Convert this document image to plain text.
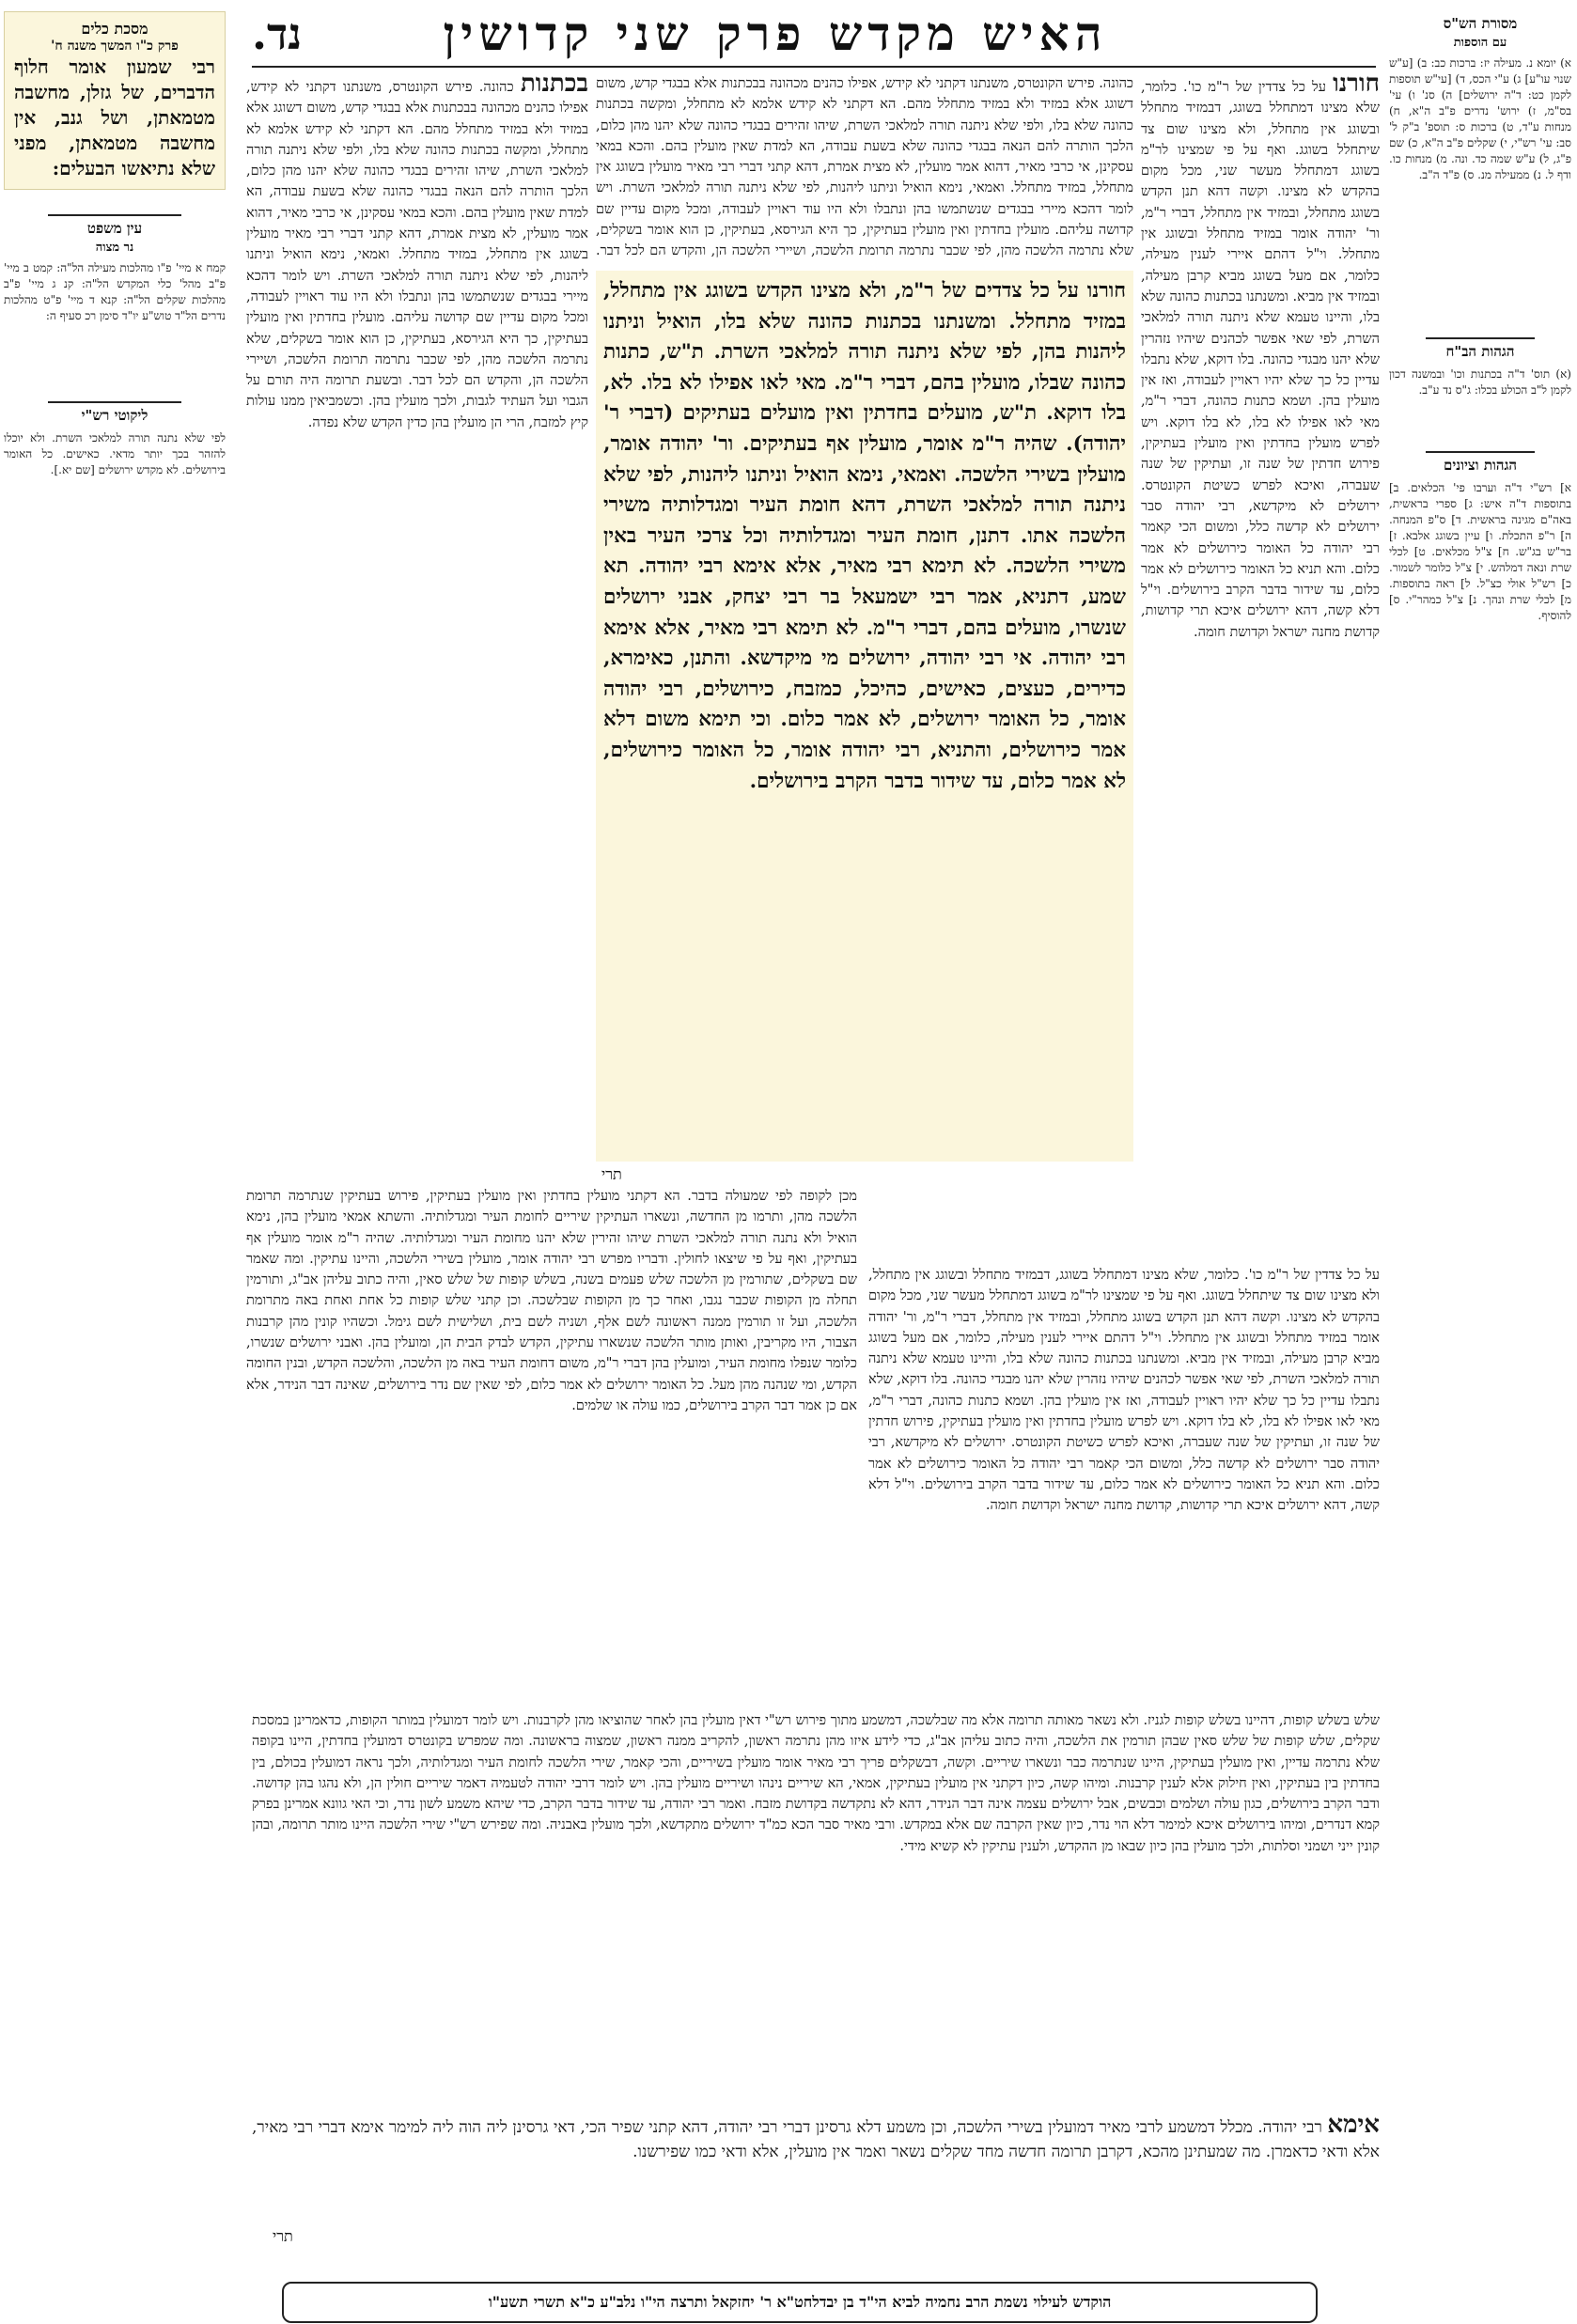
נד.	האיש מקדש פרק שני קדושין	מסורת הש"ס
עם הוספות
א) יומא נ. מעילה יז: ברכות כב: ב) [ע"ש שנוי עו"ע] ג) ע"י הכס, ד) [עי"ש תוספות לקמן כט: ד"ה ירושלים] ה) סנ' ו) עי' בס"מ, ז) ירוש' נדרים פ"ב ה"א, ח) מנחות ע"ד, ט) ברכות ס: תוספ' ב"ק ל' סב: עי' רש"י, י) שקלים פ"ב ה"א, כ) שם פ"ג, ל) ע"ש שמה כד. ונה. מ) מנחות כו. ודף ל. נ) ממעילה מנ. ס) פ"ד ה"ב.
הגהות הב"ח
(א) תוס' ד"ה בכתנות וכו' ובמשנה דכון לקמן ל"ב הכולע בכלו: ג"ס נד ע"ב.
הגהות וציונים
א] רש"י ד"ה וערבו פי' הכלאים. ב] בתוספות ד"ה איש: ג] ספרי בראשית, באה"ם מגינה בראשית. ד] ס"פ המנחה. ה] ר"פ התכלת. ו] עיין בשוגג אלבא. ז] בר"ש בג"ש. ח] צ"ל מכלאים. ט] לכלי שרת ונאה דמלהש. י] צ"ל כלומר לשמור. כ] רש"ל אולי כצ"ל. ל] ראה בתוספות. מ] לכלי שרת ונהך. נ] צ"ל כמהר"י. ס] להוסיף.
מסכת כלים
פרק כ"ו המשך משנה ח'
רבי שמעון אומר חלוף הדברים, של גזלן, מחשבה מטמאתן, ושל גנב, אין מחשבה מטמאתן, מפני שלא נתיאשו הבעלים:
עין משפט
נר מצוה
קמח א מיי' פ"ו מהלכות מעילה הל"ה: קמט ב מיי' פ"ב מהל' כלי המקדש הל"ה: קנ ג מיי' פ"ב מהלכות שקלים הל"ה: קנא ד מיי' פ"ט מהלכות נדרים הל"ד טוש"ע יו"ד סימן רכ סעיף ה:
ליקוטי רש"י
לפי שלא נתנה תורה למלאכי השרת. ולא יוכלו להזהר בכך יותר מדאי. כאישים. כל האומר בירושלים. לא מקדש ירושלים [שם יא.].
בכתנות כהונה. פירש הקונטרס, משנתנו דקתני לא קידש, אפילו כהנים מכהונה בבכתנות אלא בבגדי קדש, משום דשוגג אלא במזיד ולא במזיד מתחלל מהם. הא דקתני לא קידש אלמא לא מתחלל, ומקשה בכתנות כהונה שלא בלו, ולפי שלא ניתנה תורה למלאכי השרת, שיהו זהירים בבגדי כהונה שלא יהנו מהן כלום, הלכך הותרה להם הנאה בבגדי כהונה שלא בשעת עבודה, הא למדת שאין מועלין בהם. והכא במאי עסקינן, אי כרבי מאיר, דהוא אמר מועלין, לא מצית אמרת, דהא קתני דברי רבי מאיר מועלין בשוגג אין מתחלל, במזיד מתחלל. ואמאי, נימא הואיל וניתנו ליהנות, לפי שלא ניתנה תורה למלאכי השרת. ויש לומר דהכא מיירי בבגדים שנשתמשו בהן ונתבלו ולא היו עוד ראויין לעבודה, ומכל מקום עדיין שם קדושה עליהם. מועלין בחדתין ואין מועלין בעתיקין, כך היא הגירסא, בעתיקין, כן הוא אומר בשקלים, שלא נתרמה הלשכה מהן, לפי שכבר נתרמה תרומת הלשכה, ושיירי הלשכה הן, והקדש הם לכל דבר. ובשעת תרומה היה תורם על הגבוי ועל העתיד לגבות, ולכך מועלין בהן. וכשמביאין ממנו עולות קיץ למזבח, הרי הן מועלין בהן כדין הקדש שלא נפדה.
חורנו על כל צדדין של ר"מ כו'. כלומר, שלא מצינו דמתחלל בשוגג, דבמזיד מתחלל ובשוגג אין מתחלל, ולא מצינו שום צד שיתחלל בשוגג. ואף על פי שמצינו לר"מ בשוגג דמתחלל מעשר שני, מכל מקום בהקדש לא מצינו. וקשה דהא תנן הקדש בשוגג מתחלל, ובמזיד אין מתחלל, דברי ר"מ, ור' יהודה אומר במזיד מתחלל ובשוגג אין מתחלל. וי"ל דהתם איירי לענין מעילה, כלומר, אם מעל בשוגג מביא קרבן מעילה, ובמזיד אין מביא. ומשנתנו בכתנות כהונה שלא בלו, והיינו טעמא שלא ניתנה תורה למלאכי השרת, לפי שאי אפשר לכהנים שיהיו נזהרין שלא יהנו מבגדי כהונה. בלו דוקא, שלא נתבלו עדיין כל כך שלא יהיו ראויין לעבודה, ואז אין מועלין בהן. ושמא כתנות כהונה, דברי ר"מ, מאי לאו אפילו לא בלו, לא בלו דוקא. ויש לפרש מועלין בחדתין ואין מועלין בעתיקין, פירוש חדתין של שנה זו, ועתיקין של שנה שעברה, ואיכא לפרש כשיטת הקונטרס. ירושלים לא מיקדשא, רבי יהודה סבר ירושלים לא קדשה כלל, ומשום הכי קאמר רבי יהודה כל האומר כירושלים לא אמר כלום. והא תניא כל האומר כירושלים לא אמר כלום, עד שידור בדבר הקרב בירושלים. וי"ל דלא קשה, דהא ירושלים איכא תרי קדושות, קדושת מחנה ישראל וקדושת חומה.
כהונה. פירש הקונטרס, משנתנו דקתני לא קידש, אפילו כהנים מכהונה בבכתנות אלא בבגדי קדש, משום דשוגג אלא במזיד ולא במזיד מתחלל מהם. הא דקתני לא קידש אלמא לא מתחלל, ומקשה בכתנות כהונה שלא בלו, ולפי שלא ניתנה תורה למלאכי השרת, שיהו זהירים בבגדי כהונה שלא יהנו מהן כלום, הלכך הותרה להם הנאה בבגדי כהונה שלא בשעת עבודה, הא למדת שאין מועלין בהם. והכא במאי עסקינן, אי כרבי מאיר, דהוא אמר מועלין, לא מצית אמרת, דהא קתני דברי רבי מאיר מועלין בשוגג אין מתחלל, במזיד מתחלל. ואמאי, נימא הואיל וניתנו ליהנות, לפי שלא ניתנה תורה למלאכי השרת. ויש לומר דהכא מיירי בבגדים שנשתמשו בהן ונתבלו ולא היו עוד ראויין לעבודה, ומכל מקום עדיין שם קדושה עליהם. מועלין בחדתין ואין מועלין בעתיקין, כך היא הגירסא, בעתיקין, כן הוא אומר בשקלים, שלא נתרמה הלשכה מהן, לפי שכבר נתרמה תרומת הלשכה, ושיירי הלשכה הן, והקדש הם לכל דבר.
חורנו על כל צדדים של ר"מ, ולא מצינו הקדש בשוגג אין מתחלל, במזיד מתחלל. ומשנתנו בכתנות כהונה שלא בלו, הואיל וניתנו ליהנות בהן, לפי שלא ניתנה תורה למלאכי השרת. ת"ש, כתנות כהונה שבלו, מועלין בהם, דברי ר"מ. מאי לאו אפילו לא בלו. לא, בלו דוקא. ת"ש, מועלים בחדתין ואין מועלים בעתיקים (דברי ר' יהודה). שהיה ר"מ אומר, מועלין אף בעתיקים. ור' יהודה אומר, מועלין בשירי הלשכה. ואמאי, נימא הואיל וניתנו ליהנות, לפי שלא ניתנה תורה למלאכי השרת, דהא חומת העיר ומגדלותיה משירי הלשכה אתו. דתנן, חומת העיר ומגדלותיה וכל צרכי העיר באין משירי הלשכה. לא תימא רבי מאיר, אלא אימא רבי יהודה. תא שמע, דתניא, אמר רבי ישמעאל בר רבי יצחק, אבני ירושלים שנשרו, מועלים בהם, דברי ר"מ. לא תימא רבי מאיר, אלא אימא רבי יהודה. אי רבי יהודה, ירושלים מי מיקדשא. והתנן, כאימרא, כדירים, כעצים, כאישים, כהיכל, כמזבח, כירושלים, רבי יהודה אומר, כל האומר ירושלים, לא אמר כלום. וכי תימא משום דלא אמר כירושלים, והתניא, רבי יהודה אומר, כל האומר כירושלים, לא אמר כלום, עד שידור בדבר הקרב בירושלים.
תרי
מכן לקופה לפי שמעולה בדבר. הא דקתני מועלין בחדתין ואין מועלין בעתיקין, פירוש בעתיקין שנתרמה תרומת הלשכה מהן, ותרמו מן החדשה, ונשארו העתיקין שיריים לחומת העיר ומגדלותיה. והשתא אמאי מועלין בהן, נימא הואיל ולא נתנה תורה למלאכי השרת שיהו זהירין שלא יהנו מחומת העיר ומגדלותיה. שהיה ר"מ אומר מועלין אף בעתיקין, ואף על פי שיצאו לחולין. ודבריו מפרש רבי יהודה אומר, מועלין בשירי הלשכה, והיינו עתיקין. ומה שאמר שם בשקלים, שתורמין מן הלשכה שלש פעמים בשנה, בשלש קופות של שלש סאין, והיה כתוב עליהן אב"ג, ותורמין תחלה מן הקופות שכבר נגבו, ואחר כך מן הקופות שבלשכה. וכן קתני שלש קופות כל אחת ואחת באה מתרומת הלשכה, ועל זו תורמין ממנה ראשונה לשם אלף, ושניה לשם בית, ושלישית לשם גימל. וכשהיו קונין מהן קרבנות הצבור, היו מקריבין, ואותן מותר הלשכה שנשארו עתיקין, הקדש לבדק הבית הן, ומועלין בהן. ואבני ירושלים שנשרו, כלומר שנפלו מחומת העיר, ומועלין בהן דברי ר"מ, משום דחומת העיר באה מן הלשכה, והלשכה הקדש, ובנין החומה הקדש, ומי שנהנה מהן מעל. כל האומר ירושלים לא אמר כלום, לפי שאין שם נדר בירושלים, שאינה דבר הנידר, אלא אם כן אמר דבר הקרב בירושלים, כמו עולה או שלמים.
על כל צדדין של ר"מ כו'. כלומר, שלא מצינו דמתחלל בשוגג, דבמזיד מתחלל ובשוגג אין מתחלל, ולא מצינו שום צד שיתחלל בשוגג. ואף על פי שמצינו לר"מ בשוגג דמתחלל מעשר שני, מכל מקום בהקדש לא מצינו. וקשה דהא תנן הקדש בשוגג מתחלל, ובמזיד אין מתחלל, דברי ר"מ, ור' יהודה אומר במזיד מתחלל ובשוגג אין מתחלל. וי"ל דהתם איירי לענין מעילה, כלומר, אם מעל בשוגג מביא קרבן מעילה, ובמזיד אין מביא. ומשנתנו בכתנות כהונה שלא בלו, והיינו טעמא שלא ניתנה תורה למלאכי השרת, לפי שאי אפשר לכהנים שיהיו נזהרין שלא יהנו מבגדי כהונה. בלו דוקא, שלא נתבלו עדיין כל כך שלא יהיו ראויין לעבודה, ואז אין מועלין בהן. ושמא כתנות כהונה, דברי ר"מ, מאי לאו אפילו לא בלו, לא בלו דוקא. ויש לפרש מועלין בחדתין ואין מועלין בעתיקין, פירוש חדתין של שנה זו, ועתיקין של שנה שעברה, ואיכא לפרש כשיטת הקונטרס. ירושלים לא מיקדשא, רבי יהודה סבר ירושלים לא קדשה כלל, ומשום הכי קאמר רבי יהודה כל האומר כירושלים לא אמר כלום. והא תניא כל האומר כירושלים לא אמר כלום, עד שידור בדבר הקרב בירושלים. וי"ל דלא קשה, דהא ירושלים איכא תרי קדושות, קדושת מחנה ישראל וקדושת חומה.
שלש בשלש קופות, דהיינו בשלש קופות לגניז. ולא נשאר מאותה תרומה אלא מה שבלשכה, דמשמע מתוך פירוש רש"י דאין מועלין בהן לאחר שהוציאו מהן לקרבנות. ויש לומר דמועלין במותר הקופות, כדאמרינן במסכת שקלים, שלש קופות של שלש סאין שבהן תורמין את הלשכה, והיה כתוב עליהן אב"ג, כדי לידע איזו מהן נתרמה ראשון, להקריב ממנה ראשון, שמצוה בראשונה. ומה שמפרש בקונטרס דמועלין בחדתין, היינו בקופה שלא נתרמה עדיין, ואין מועלין בעתיקין, היינו שנתרמה כבר ונשארו שיריים. וקשה, דבשקלים פריך רבי מאיר אומר מועלין בשיריים, והכי קאמר, שירי הלשכה לחומת העיר ומגדלותיה, ולכך נראה דמועלין בכולם, בין בחדתין בין בעתיקין, ואין חילוק אלא לענין קרבנות. ומיהו קשה, כיון דקתני אין מועלין בעתיקין, אמאי, הא שיריים נינהו ושיריים מועלין בהן. ויש לומר דרבי יהודה לטעמיה דאמר שיריים חולין הן, ולא נהגו בהן קדושה. ודבר הקרב בירושלים, כגון עולה ושלמים וכבשים, אבל ירושלים עצמה אינה דבר הנידר, דהא לא נתקדשה בקדושת מזבח. ואמר רבי יהודה, עד שידור בדבר הקרב, כדי שיהא משמע לשון נדר, וכי האי גוונא אמרינן בפרק קמא דנדרים, ומיהו בירושלים איכא למימר דלא הוי נדר, כיון שאין הקרבה שם אלא במקדש. ורבי מאיר סבר הכא כמ"ד ירושלים מתקדשא, ולכך מועלין באבניה. ומה שפירש רש"י שירי הלשכה היינו מותר תרומה, ובהן קונין ייני ושמני וסלתות, ולכך מועלין בהן כיון שבאו מן ההקדש, ולענין עתיקין לא קשיא מידי.
אימא רבי יהודה. מכלל דמשמע לרבי מאיר דמועלין בשירי הלשכה, וכן משמע דלא גרסינן דברי רבי יהודה, דהא קתני שפיר הכי, דאי גרסינן ליה הוה ליה למימר אימא דברי רבי מאיר, אלא ודאי כדאמרן. מה שמעתינן מהכא, דקרבן תרומה חדשה מחד שקלים נשאר ואמר אין מועלין, אלא ודאי כמו שפירשנו.
תרי
הוקדש לעילוי נשמת הרב נחמיה לביא הי"ד בן יבדלחט"א ר' יחזקאל ותרצה הי"ו נלב"ע כ"א תשרי תשע"ו
